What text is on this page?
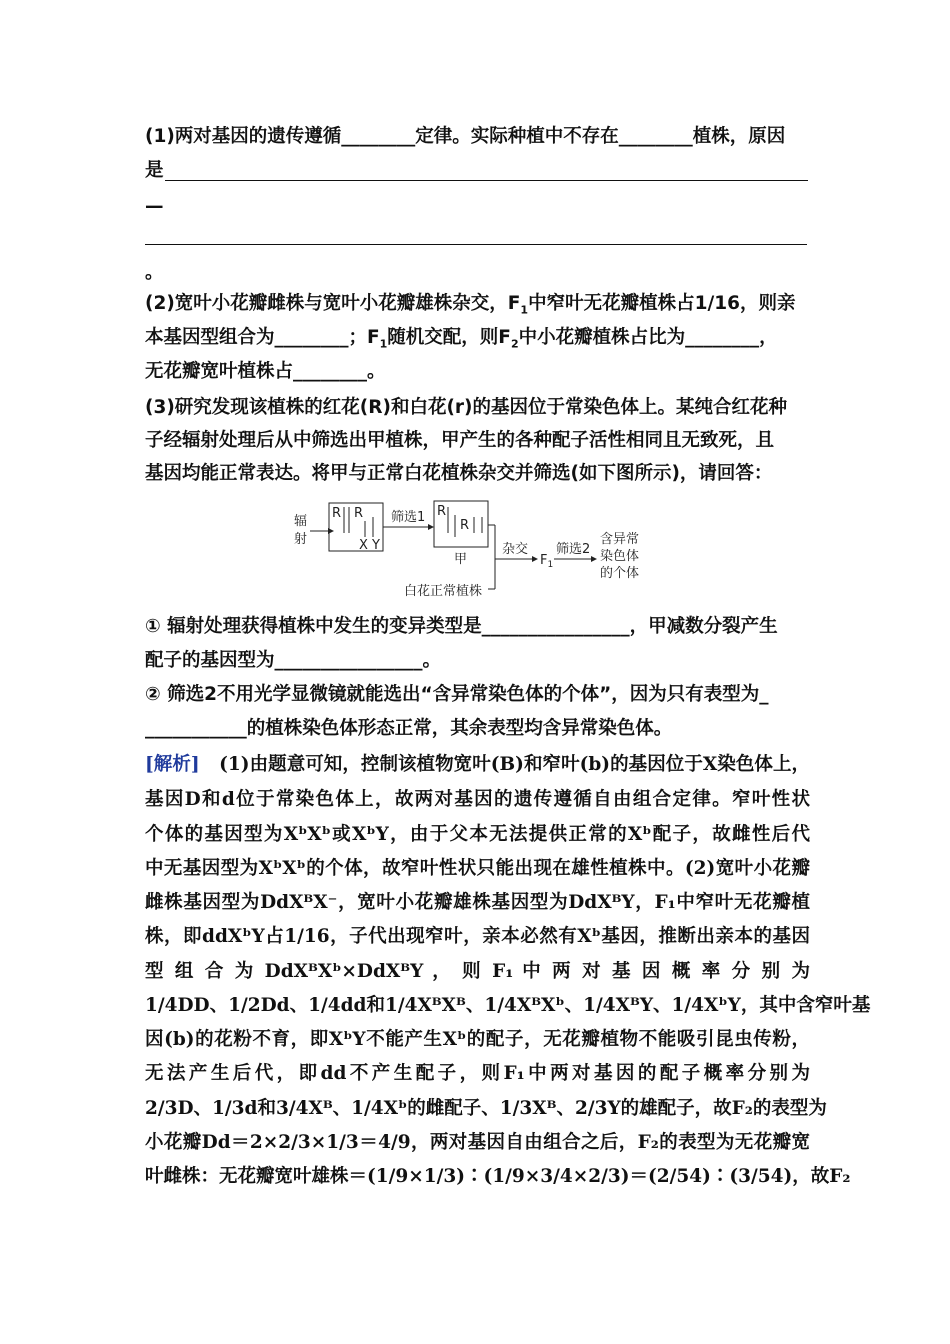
(1)两对基因的遗传遵循________定律。实际种植中不存在________植株，原因
是
—
。
(2)宽叶小花瓣雌株与宽叶小花瓣雄株杂交，$F_1$中窄叶无花瓣植株占1/16，则亲
本基因型组合为________；$F_1$随机交配，则$F_2$中小花瓣植株占比为________，
无花瓣宽叶植株占________。
(3)研究发现该植株的红花(R)和白花(r)的基因位于常染色体上。某纯合红花种
子经辐射处理后从中筛选出甲植株，甲产生的各种配子活性相同且无致死，且
基因均能正常表达。将甲与正常白花植株杂交并筛选(如下图所示)，请回答：
辐
射
R R
X Y
筛选1 R
R
甲
杂交
$F_1$
筛选2
含异常
染色体
的个体
白花正常植株
① 辐射处理获得植株中发生的变异类型是________________，甲减数分裂产生
配子的基因型为________________。
② 筛选2不用光学显微镜就能选出“含异常染色体的个体”，因为只有表型为_
___________的植株染色体形态正常，其余表型均含异常染色体。
[解析] (1)由题意可知，控制该植物宽叶(B)和窄叶(b)的基因位于X染色体上，
基因D和d位于常染色体上，故两对基因的遗传遵循自由组合定律。窄叶性状
个体的基因型为XᵇXᵇ或XᵇY，由于父本无法提供正常的Xᵇ配子，故雌性后代
中无基因型为XᵇXᵇ的个体，故窄叶性状只能出现在雄性植株中。(2)宽叶小花瓣
雌株基因型为DdXᴮX⁻，宽叶小花瓣雄株基因型为DdXᴮY，F₁中窄叶无花瓣植
株，即ddXᵇY占1/16，子代出现窄叶，亲本必然有Xᵇ基因，推断出亲本的基因
型 组 合 为 DdXᴮXᵇ×DdXᴮY ， 则 F₁ 中 两 对 基 因 概 率 分 别 为
1/4DD、1/2Dd、1/4dd和1/4XᴮXᴮ、1/4XᴮXᵇ、1/4XᴮY、1/4XᵇY，其中含窄叶基
因(b)的花粉不育，即XᵇY不能产生Xᵇ的配子，无花瓣植物不能吸引昆虫传粉，
无法产生后代，即dd不产生配子，则F₁中两对基因的配子概率分别为
2/3D、1/3d和3/4Xᴮ、1/4Xᵇ的雌配子、1/3Xᴮ、2/3Y的雄配子，故F₂的表型为
小花瓣Dd＝2×2/3×1/3＝4/9，两对基因自由组合之后，F₂的表型为无花瓣宽
叶雌株：无花瓣宽叶雄株＝(1/9×1/3)∶(1/9×3/4×2/3)＝(2/54)∶(3/54)，故F₂
